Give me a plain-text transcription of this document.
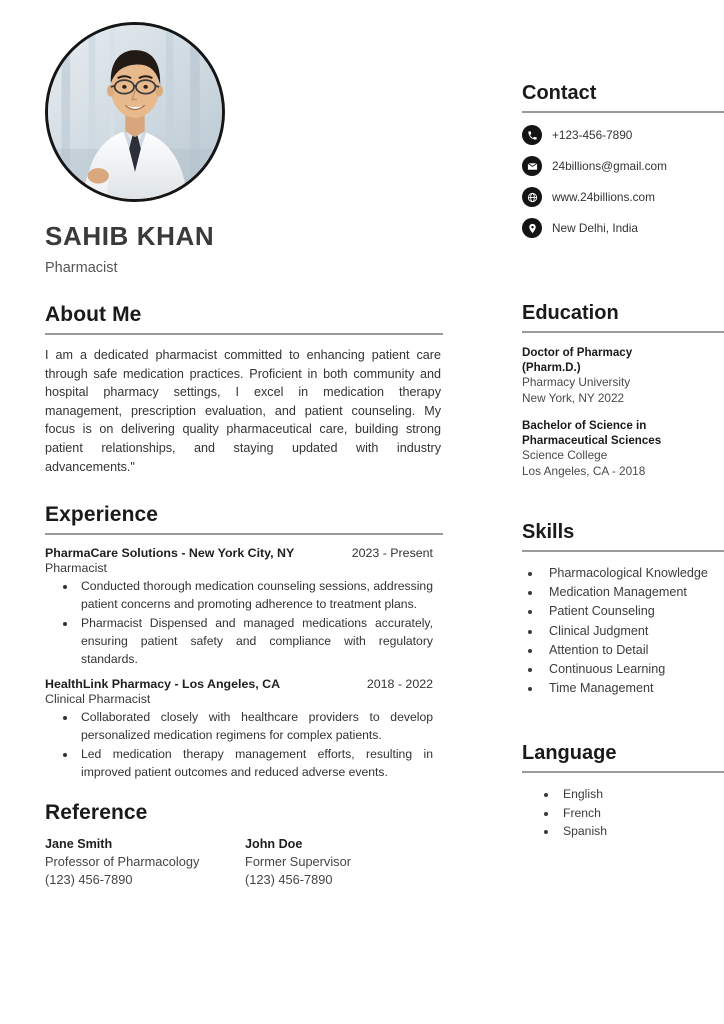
SAHIB KHAN
Pharmacist
About Me
I am a dedicated pharmacist committed to enhancing patient care through safe medication practices. Proficient in both community and hospital pharmacy settings, I excel in medication therapy management, prescription evaluation, and patient counseling. My focus is on delivering quality pharmaceutical care, building strong patient relationships, and staying updated with industry advancements."
Experience
PharmaCare Solutions - New York City, NY	2023 - Present
Pharmacist
• Conducted thorough medication counseling sessions, addressing patient concerns and promoting adherence to treatment plans.
• Pharmacist Dispensed and managed medications accurately, ensuring patient safety and compliance with regulatory standards.
HealthLink Pharmacy - Los Angeles, CA	2018 - 2022
Clinical Pharmacist
• Collaborated closely with healthcare providers to develop personalized medication regimens for complex patients.
• Led medication therapy management efforts, resulting in improved patient outcomes and reduced adverse events.
Reference
Jane Smith
Professor of Pharmacology
(123) 456-7890
John Doe
Former Supervisor
(123) 456-7890
Contact
+123-456-7890
24billions@gmail.com
www.24billions.com
New Delhi, India
Education
Doctor of Pharmacy
(Pharm.D.)
Pharmacy University
New York, NY 2022
Bachelor of Science in
Pharmaceutical Sciences
Science College
Los Angeles, CA - 2018
Skills
• Pharmacological Knowledge
• Medication Management
• Patient Counseling
• Clinical Judgment
• Attention to Detail
• Continuous Learning
• Time Management
Language
• English
• French
• Spanish
